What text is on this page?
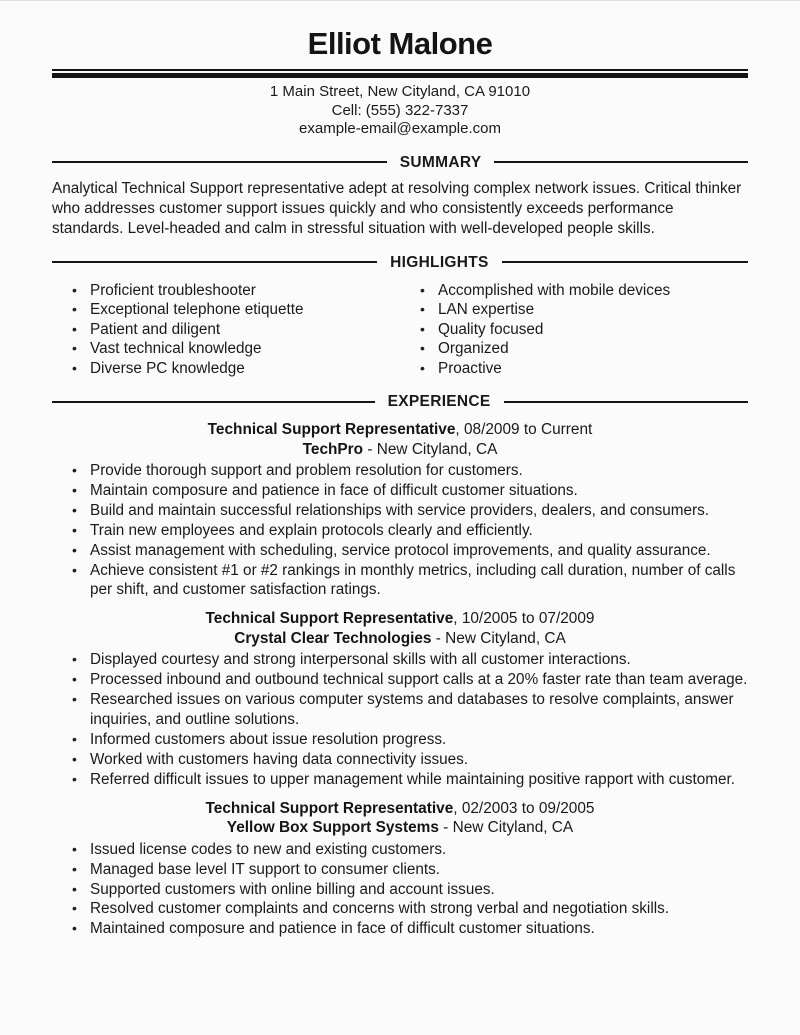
Elliot Malone
1 Main Street, New Cityland, CA 91010
Cell: (555) 322-7337
example-email@example.com
SUMMARY

Analytical Technical Support representative adept at resolving complex network issues. Critical thinker who addresses customer support issues quickly and who consistently exceeds performance standards. Level-headed and calm in stressful situation with well-developed people skills.

HIGHLIGHTS
• Proficient troubleshooter
• Exceptional telephone etiquette
• Patient and diligent
• Vast technical knowledge
• Diverse PC knowledge
• Accomplished with mobile devices
• LAN expertise
• Quality focused
• Organized
• Proactive
EXPERIENCE
Technical Support Representative, 08/2009 to Current
TechPro - New Cityland, CA
• Provide thorough support and problem resolution for customers.
• Maintain composure and patience in face of difficult customer situations.
• Build and maintain successful relationships with service providers, dealers, and consumers.
• Train new employees and explain protocols clearly and efficiently.
• Assist management with scheduling, service protocol improvements, and quality assurance.
• Achieve consistent #1 or #2 rankings in monthly metrics, including call duration, number of calls per shift, and customer satisfaction ratings.
Technical Support Representative, 10/2005 to 07/2009
Crystal Clear Technologies - New Cityland, CA
• Displayed courtesy and strong interpersonal skills with all customer interactions.
• Processed inbound and outbound technical support calls at a 20% faster rate than team average.
• Researched issues on various computer systems and databases to resolve complaints, answer inquiries, and outline solutions.
• Informed customers about issue resolution progress.
• Worked with customers having data connectivity issues.
• Referred difficult issues to upper management while maintaining positive rapport with customer.
Technical Support Representative, 02/2003 to 09/2005
Yellow Box Support Systems - New Cityland, CA
• Issued license codes to new and existing customers.
• Managed base level IT support to consumer clients.
• Supported customers with online billing and account issues.
• Resolved customer complaints and concerns with strong verbal and negotiation skills.
• Maintained composure and patience in face of difficult customer situations.
